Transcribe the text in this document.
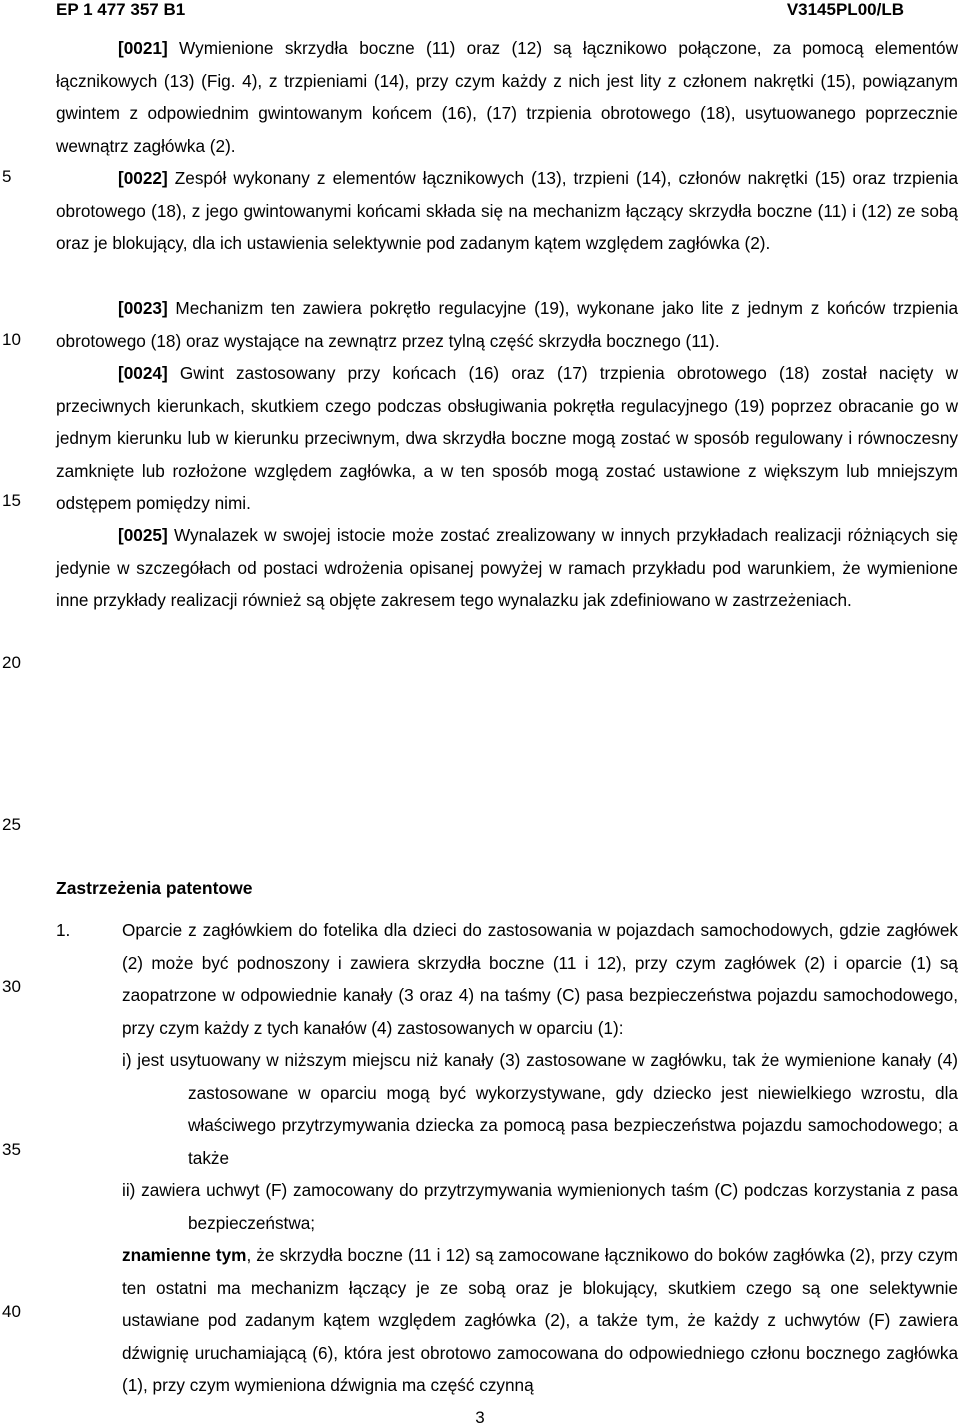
EP 1 477 357 B1	V3145PL00/LB
5
10
15
20
25
30
35
40

[0021] Wymienione skrzydła boczne (11) oraz (12) są łącznikowo połączone, za pomocą elementów łącznikowych (13) (Fig. 4), z trzpieniami (14), przy czym każdy z nich jest lity z członem nakrętki (15), powiązanym gwintem z odpowiednim gwintowanym końcem (16), (17) trzpienia obrotowego (18), usytuowanego poprzecznie wewnątrz zagłówka (2).

[0022] Zespół wykonany z elementów łącznikowych (13), trzpieni (14), członów nakrętki (15) oraz trzpienia obrotowego (18), z jego gwintowanymi końcami składa się na mechanizm łączący skrzydła boczne (11) i (12) ze sobą oraz je blokujący, dla ich ustawienia selektywnie pod zadanym kątem względem zagłówka (2).

[0023] Mechanizm ten zawiera pokrętło regulacyjne (19), wykonane jako lite z jednym z końców trzpienia obrotowego (18) oraz wystające na zewnątrz przez tylną część skrzydła bocznego (11).

[0024] Gwint zastosowany przy końcach (16) oraz (17) trzpienia obrotowego (18) został nacięty w przeciwnych kierunkach, skutkiem czego podczas obsługiwania pokrętła regulacyjnego (19) poprzez obracanie go w jednym kierunku lub w kierunku przeciwnym, dwa skrzydła boczne mogą zostać w sposób regulowany i równoczesny zamknięte lub rozłożone względem zagłówka, a w ten sposób mogą zostać ustawione z większym lub mniejszym odstępem pomiędzy nimi.

[0025] Wynalazek w swojej istocie może zostać zrealizowany w innych przykładach realizacji różniących się jedynie w szczegółach od postaci wdrożenia opisanej powyżej w ramach przykładu pod warunkiem, że wymienione inne przykłady realizacji również są objęte zakresem tego wynalazku jak zdefiniowano w zastrzeżeniach.

Zastrzeżenia patentowe
1.	Oparcie z zagłówkiem do fotelika dla dzieci do zastosowania w pojazdach samochodowych, gdzie zagłówek (2) może być podnoszony i zawiera skrzydła boczne (11 i 12), przy czym zagłówek (2) i oparcie (1) są zaopatrzone w odpowiednie kanały (3 oraz 4) na taśmy (C) pasa bezpieczeństwa pojazdu samochodowego, przy czym każdy z tych kanałów (4) zastosowanych w oparciu (1):

i) jest usytuowany w niższym miejscu niż kanały (3) zastosowane w zagłówku, tak że wymienione kanały (4) zastosowane w oparciu mogą być wykorzystywane, gdy dziecko jest niewielkiego wzrostu, dla właściwego przytrzymywania dziecka za pomocą pasa bezpieczeństwa pojazdu samochodowego; a także

ii) zawiera uchwyt (F) zamocowany do przytrzymywania wymienionych taśm (C) podczas korzystania z pasa bezpieczeństwa;

znamienne tym, że skrzydła boczne (11 i 12) są zamocowane łącznikowo do boków zagłówka (2), przy czym ten ostatni ma mechanizm łączący je ze sobą oraz je blokujący, skutkiem czego są one selektywnie ustawiane pod zadanym kątem względem zagłówka (2), a także tym, że każdy z uchwytów (F) zawiera dźwignię uruchamiającą (6), która jest obrotowo zamocowana do odpowiedniego członu bocznego zagłówka (1), przy czym wymieniona dźwignia ma część czynną

3
